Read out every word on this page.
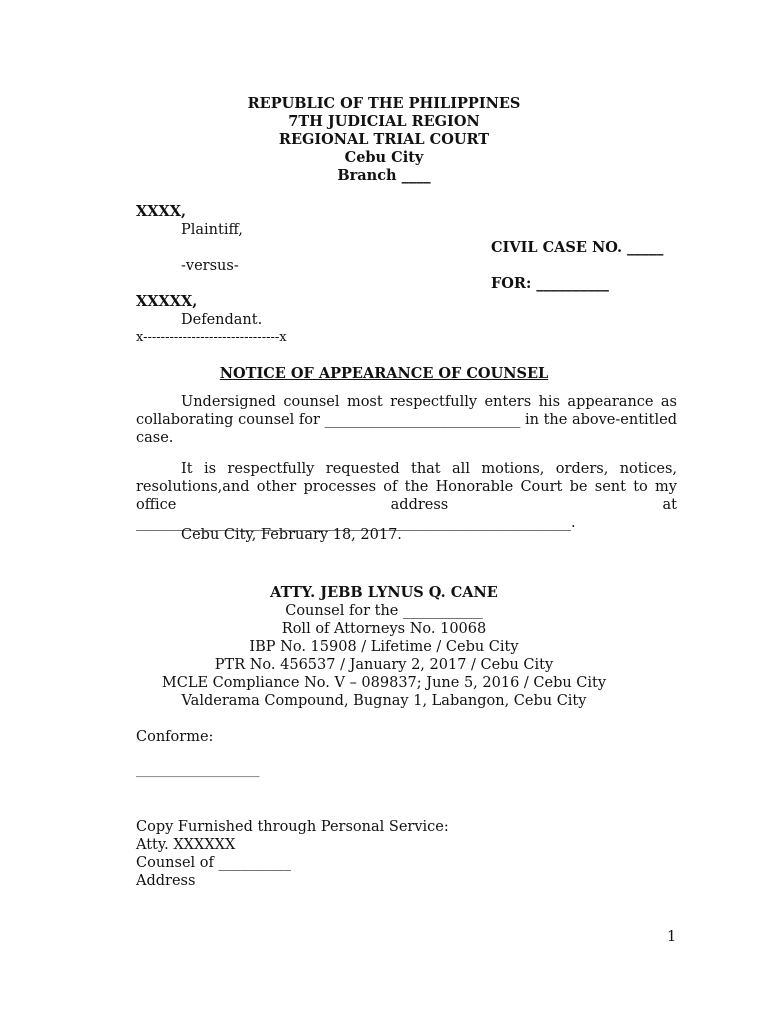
REPUBLIC OF THE PHILIPPINES
7TH JUDICIAL REGION
REGIONAL TRIAL COURT
Cebu City
Branch ____
XXXX,
Plaintiff,
CIVIL CASE NO. _____
-versus-
FOR: __________
XXXXX,
Defendant.
x-------------------------------x
NOTICE OF APPEARANCE OF COUNSEL
Undersigned counsel most respectfully enters his appearance as collaborating counsel for ___________________________ in the above-entitled case.
It is respectfully requested that all motions, orders, notices, resolutions,and other processes of the Honorable Court be sent to my office address at ____________________________________________________________.
Cebu City, February 18, 2017.
ATTY. JEBB LYNUS Q. CANE
Counsel for the ___________
Roll of Attorneys No. 10068
IBP No. 15908 / Lifetime / Cebu City
PTR No. 456537 / January 2, 2017 / Cebu City
MCLE Compliance No. V – 089837; June 5, 2016 / Cebu City
Valderama Compound, Bugnay 1, Labangon, Cebu City
Conforme:
___________________
Copy Furnished through Personal Service:
Atty. XXXXXX
Counsel of __________
Address
1
